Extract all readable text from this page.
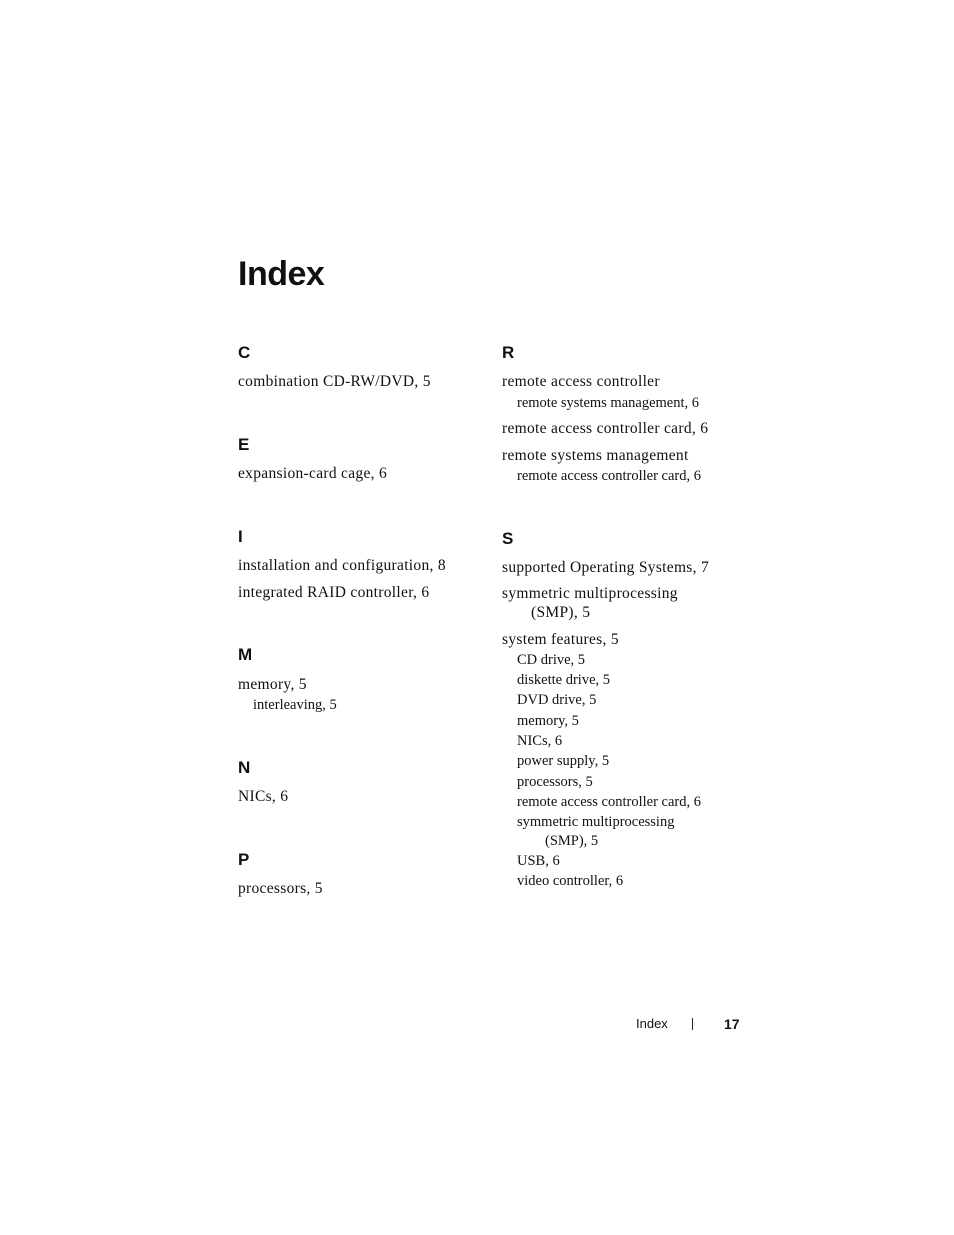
Index
C

combination CD-RW/DVD, 5

E

expansion-card cage, 6

I

installation and configuration, 8

integrated RAID controller, 6

M

memory, 5

interleaving, 5

N

NICs, 6

P

processors, 5

R

remote access controller

remote systems management, 6

remote access controller card, 6

remote systems management

remote access controller card, 6

S

supported Operating Systems, 7

symmetric multiprocessing

(SMP), 5

system features, 5

CD drive, 5

diskette drive, 5

DVD drive, 5

memory, 5

NICs, 6

power supply, 5

processors, 5

remote access controller card, 6

symmetric multiprocessing

(SMP), 5

USB, 6

video controller, 6

Index	17
